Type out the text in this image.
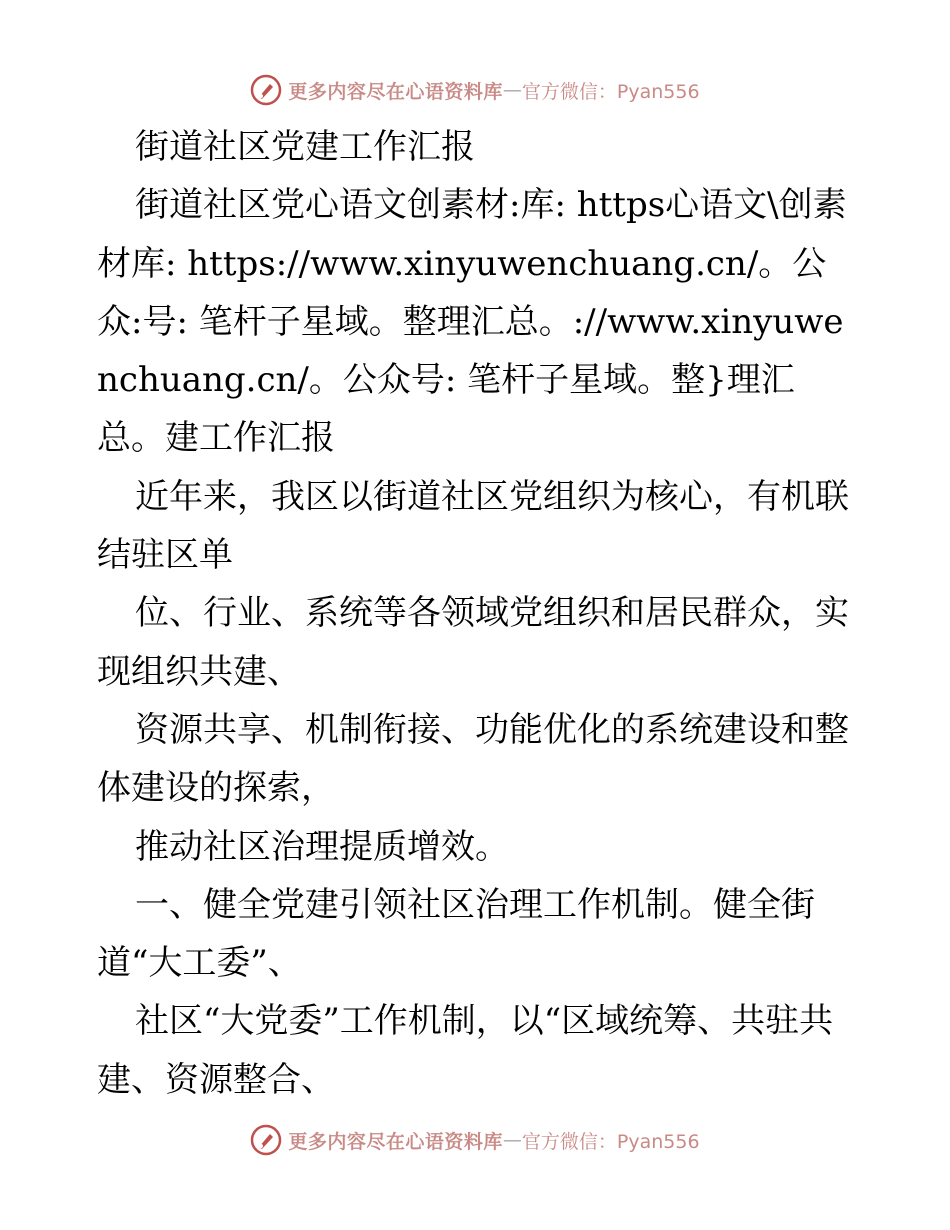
更多内容尽在心语资料库 — 官方微信：Pyan556

街道社区党建工作汇报

街道社区党心语文创素材:库: https心语文\创素材库: https://www.xinyuwenchuang.cn/。公众:号: 笔杆子星域。整理汇总。://www.xinyuwenchuang.cn/。公众号: 笔杆子星域。整}理汇总。建工作汇报

近年来，我区以街道社区党组织为核心，有机联结驻区单

位、行业、系统等各领域党组织和居民群众，实现组织共建、

资源共享、机制衔接、功能优化的系统建设和整体建设的探索，

推动社区治理提质增效。

一、健全党建引领社区治理工作机制。健全街道“大工委”、

社区“大党委”工作机制，以“区域统筹、共驻共建、资源整合、

更多内容尽在心语资料库 — 官方微信：Pyan556
